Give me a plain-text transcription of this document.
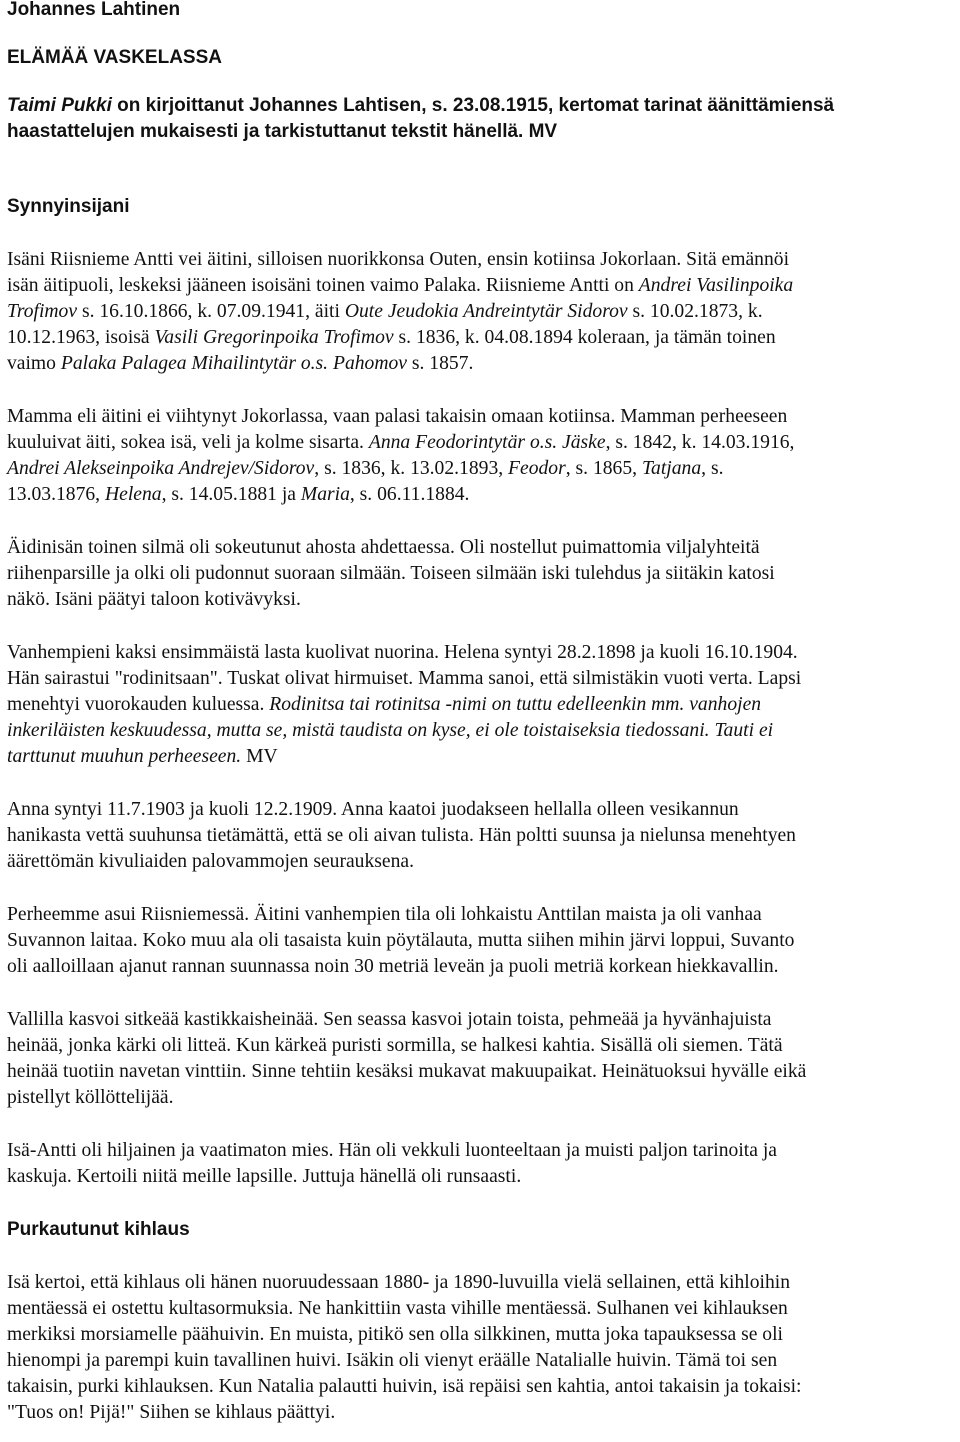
Johannes Lahtinen

ELÄMÄÄ VASKELASSA

Taimi Pukki on kirjoittanut Johannes Lahtisen, s. 23.08.1915, kertomat tarinat äänittämiensä
haastattelujen mukaisesti ja tarkistuttanut tekstit hänellä. MV

Synnyinsijani

Isäni Riisnieme Antti vei äitini, silloisen nuorikkonsa Outen, ensin kotiinsa Jokorlaan. Sitä emännöi
isän äitipuoli, leskeksi jääneen isoisäni toinen vaimo Palaka. Riisnieme Antti on Andrei Vasilinpoika
Trofimov s. 16.10.1866, k. 07.09.1941, äiti Oute Jeudokia Andreintytär Sidorov s. 10.02.1873, k.
10.12.1963, isoisä Vasili Gregorinpoika Trofimov s. 1836, k. 04.08.1894 koleraan, ja tämän toinen
vaimo Palaka Palagea Mihailintytär o.s. Pahomov s. 1857.

Mamma eli äitini ei viihtynyt Jokorlassa, vaan palasi takaisin omaan kotiinsa. Mamman perheeseen
kuuluivat äiti, sokea isä, veli ja kolme sisarta. Anna Feodorintytär o.s. Jäske, s. 1842, k. 14.03.1916,
Andrei Alekseinpoika Andrejev/Sidorov, s. 1836, k. 13.02.1893, Feodor, s. 1865, Tatjana, s.
13.03.1876, Helena, s. 14.05.1881 ja Maria, s. 06.11.1884.

Äidinisän toinen silmä oli sokeutunut ahosta ahdettaessa. Oli nostellut puimattomia viljalyhteitä
riihenparsille ja olki oli pudonnut suoraan silmään. Toiseen silmään iski tulehdus ja siitäkin katosi
näkö. Isäni päätyi taloon kotivävyksi.

Vanhempieni kaksi ensimmäistä lasta kuolivat nuorina. Helena syntyi 28.2.1898 ja kuoli 16.10.1904.
Hän sairastui "rodinitsaan". Tuskat olivat hirmuiset. Mamma sanoi, että silmistäkin vuoti verta. Lapsi
menehtyi vuorokauden kuluessa. Rodinitsa tai rotinitsa -nimi on tuttu edelleenkin mm. vanhojen
inkeriläisten keskuudessa, mutta se, mistä taudista on kyse, ei ole toistaiseksia tiedossani. Tauti ei
tarttunut muuhun perheeseen. MV

Anna syntyi 11.7.1903 ja kuoli 12.2.1909. Anna kaatoi juodakseen hellalla olleen vesikannun
hanikasta vettä suuhunsa tietämättä, että se oli aivan tulista. Hän poltti suunsa ja nielunsa menehtyen
äärettömän kivuliaiden palovammojen seurauksena.

Perheemme asui Riisniemessä. Äitini vanhempien tila oli lohkaistu Anttilan maista ja oli vanhaa
Suvannon laitaa. Koko muu ala oli tasaista kuin pöytälauta, mutta siihen mihin järvi loppui, Suvanto
oli aalloillaan ajanut rannan suunnassa noin 30 metriä leveän ja puoli metriä korkean hiekkavallin.

Vallilla kasvoi sitkeää kastikkaisheinää. Sen seassa kasvoi jotain toista, pehmeää ja hyvänhajuista
heinää, jonka kärki oli litteä. Kun kärkeä puristi sormilla, se halkesi kahtia. Sisällä oli siemen. Tätä
heinää tuotiin navetan vinttiin. Sinne tehtiin kesäksi mukavat makuupaikat. Heinätuoksui hyvälle eikä
pistellyt köllöttelijää.

Isä-Antti oli hiljainen ja vaatimaton mies. Hän oli vekkuli luonteeltaan ja muisti paljon tarinoita ja
kaskuja. Kertoili niitä meille lapsille. Juttuja hänellä oli runsaasti.

Purkautunut kihlaus

Isä kertoi, että kihlaus oli hänen nuoruudessaan 1880- ja 1890-luvuilla vielä sellainen, että kihloihin
mentäessä ei ostettu kultasormuksia. Ne hankittiin vasta vihille mentäessä. Sulhanen vei kihlauksen
merkiksi morsiamelle päähuivin. En muista, pitikö sen olla silkkinen, mutta joka tapauksessa se oli
hienompi ja parempi kuin tavallinen huivi. Isäkin oli vienyt eräälle Natalialle huivin. Tämä toi sen
takaisin, purki kihlauksen. Kun Natalia palautti huivin, isä repäisi sen kahtia, antoi takaisin ja tokaisi:
"Tuos on! Pijä!" Siihen se kihlaus päättyi.
